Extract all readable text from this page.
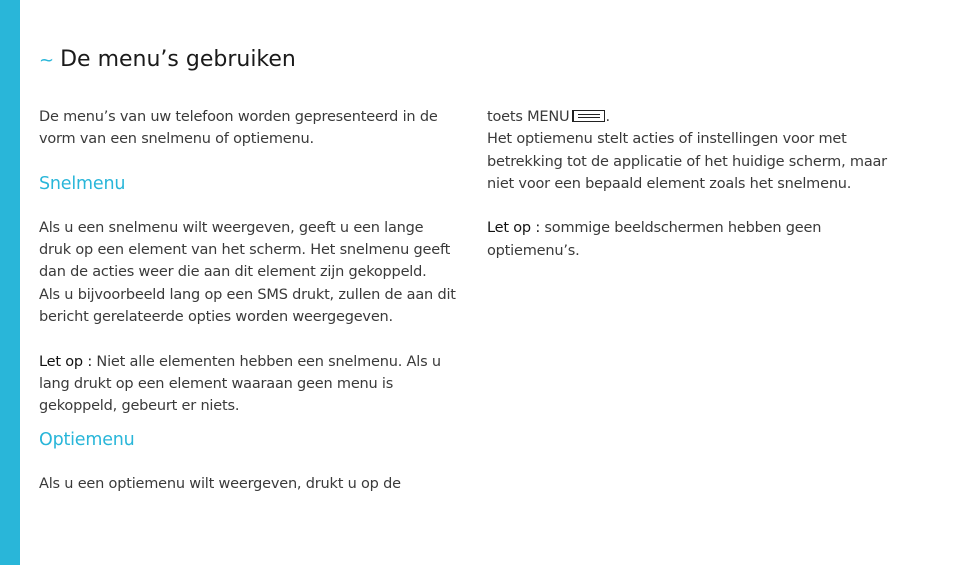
~ De menu’s gebruiken

De menu’s van uw telefoon worden gepresenteerd in de vorm van een snelmenu of optiemenu.

Snelmenu

Als u een snelmenu wilt weergeven, geeft u een lange druk op een element van het scherm. Het snelmenu geeft dan de acties weer die aan dit element zijn gekoppeld.

Als u bijvoorbeeld lang op een SMS drukt, zullen de aan dit bericht gerelateerde opties worden weergegeven.

Let op : Niet alle elementen hebben een snelmenu. Als u lang drukt op een element waaraan geen menu is gekoppeld, gebeurt er niets.

Optiemenu

Als u een optiemenu wilt weergeven, drukt u op de

toets MENU .

Het optiemenu stelt acties of instellingen voor met betrekking tot de applicatie of het huidige scherm, maar niet voor een bepaald element zoals het snelmenu.

Let op : sommige beeldschermen hebben geen optiemenu’s.
